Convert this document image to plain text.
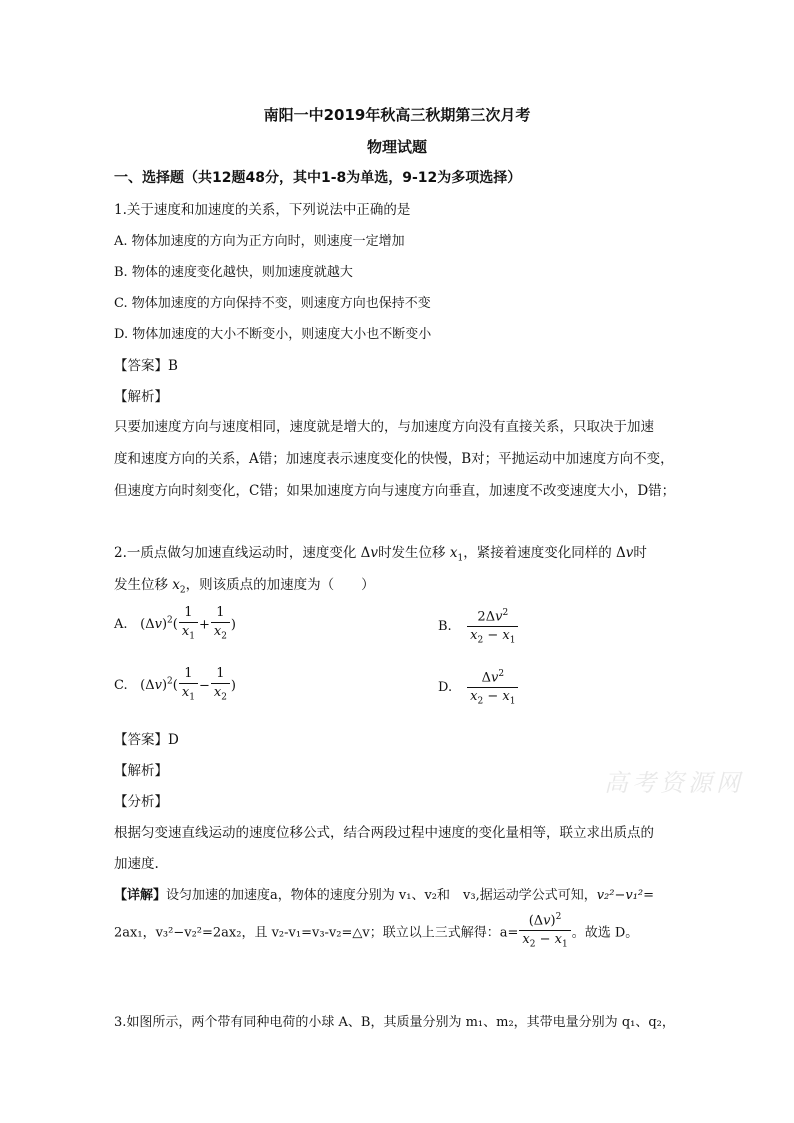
南阳一中2019年秋高三秋期第三次月考
物理试题
一、选择题（共12题48分，其中1-8为单选，9-12为多项选择）
1.关于速度和加速度的关系，下列说法中正确的是
A. 物体加速度的方向为正方向时，则速度一定增加
B. 物体的速度变化越快，则加速度就越大
C. 物体加速度的方向保持不变，则速度方向也保持不变
D. 物体加速度的大小不断变小，则速度大小也不断变小
【答案】B
【解析】
只要加速度方向与速度相同，速度就是增大的，与加速度方向没有直接关系，只取决于加速
度和速度方向的关系，A错；加速度表示速度变化的快慢，B对；平抛运动中加速度方向不变，
但速度方向时刻变化，C错；如果加速度方向与速度方向垂直，加速度不改变速度大小，D错；
2.一质点做匀加速直线运动时，速度变化 Δv时发生位移 $x_1$，紧接着速度变化同样的 Δv时
发生位移 $x_2$，则该质点的加速度为（　　）
A. $(\Delta v)^2( \frac{1}{x_1} + \frac{1}{x_2}$ )	B. $\frac{2\Delta v^2}{x_2 - x_1}$
C. $(\Delta v)^2( \frac{1}{x_1} - \frac{1}{x_2}$ )	D. $\frac{\Delta v^2}{x_2 - x_1}$
【答案】D
【解析】
【分析】
根据匀变速直线运动的速度位移公式，结合两段过程中速度的变化量相等，联立求出质点的
加速度.
【详解】设匀加速的加速度a，物体的速度分别为 v₁、v₂和　v₃,据运动学公式可知，v₂²−v₁²=
2ax₁，v₃²−v₂²=2ax₂，且 v₂-v₁=v₃-v₂=△v；联立以上三式解得：$a= \frac{(\Delta v)^2}{x_2 - x_1}$ 。故选 D。
3.如图所示，两个带有同种电荷的小球 A、B，其质量分别为 m₁、m₂，其带电量分别为 q₁、q₂，
高考资源网
